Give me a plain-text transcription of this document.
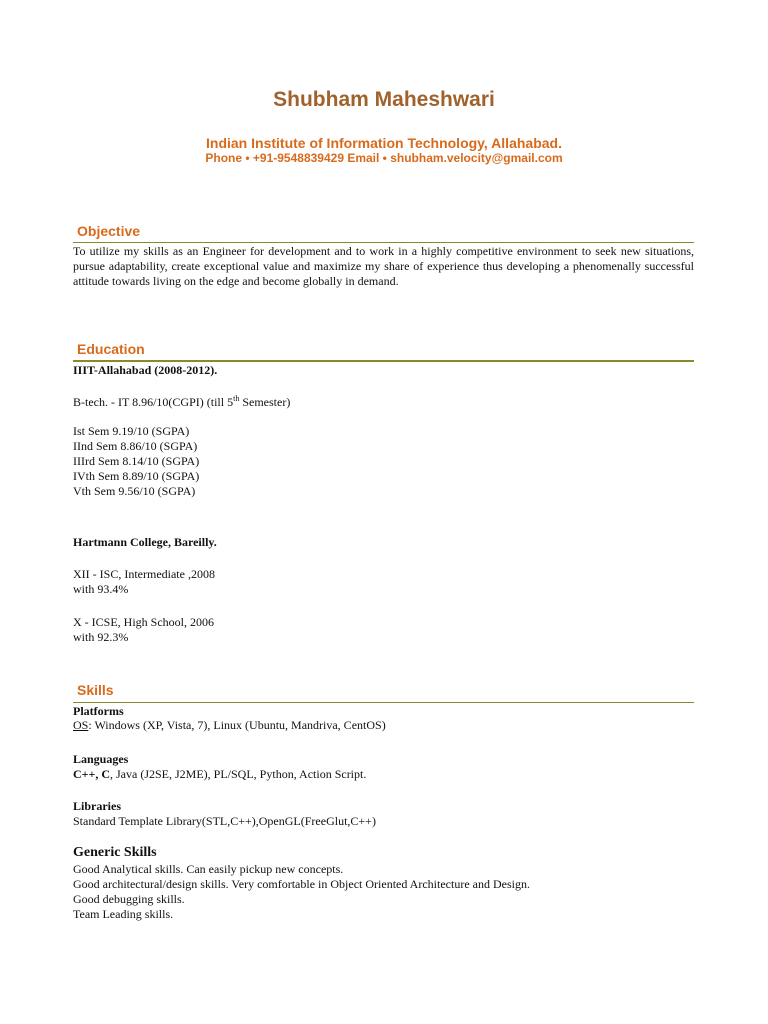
Shubham Maheshwari
Indian Institute of Information Technology, Allahabad.
Phone • +91-9548839429 Email • shubham.velocity@gmail.com
Objective
To utilize my skills as an Engineer for development and to work in a highly competitive environment to seek new situations, pursue adaptability, create exceptional value and maximize my share of experience thus developing a phenomenally successful attitude towards living on the edge and become globally in demand.
Education
IIIT-Allahabad (2008-2012).
B-tech. - IT 8.96/10(CGPI) (till 5th Semester)
Ist Sem 9.19/10 (SGPA)
IInd Sem 8.86/10 (SGPA)
IIIrd Sem 8.14/10 (SGPA)
IVth Sem 8.89/10 (SGPA)
Vth Sem 9.56/10 (SGPA)
Hartmann College, Bareilly.
XII - ISC, Intermediate ,2008
with 93.4%
X - ICSE, High School, 2006
with 92.3%
Skills
Platforms
OS: Windows (XP, Vista, 7), Linux (Ubuntu, Mandriva, CentOS)
Languages
C++, C, Java (J2SE, J2ME), PL/SQL, Python, Action Script.
Libraries
Standard Template Library(STL,C++),OpenGL(FreeGlut,C++)
Generic Skills
Good Analytical skills. Can easily pickup new concepts.
Good architectural/design skills. Very comfortable in Object Oriented Architecture and Design.
Good debugging skills.
Team Leading skills.
